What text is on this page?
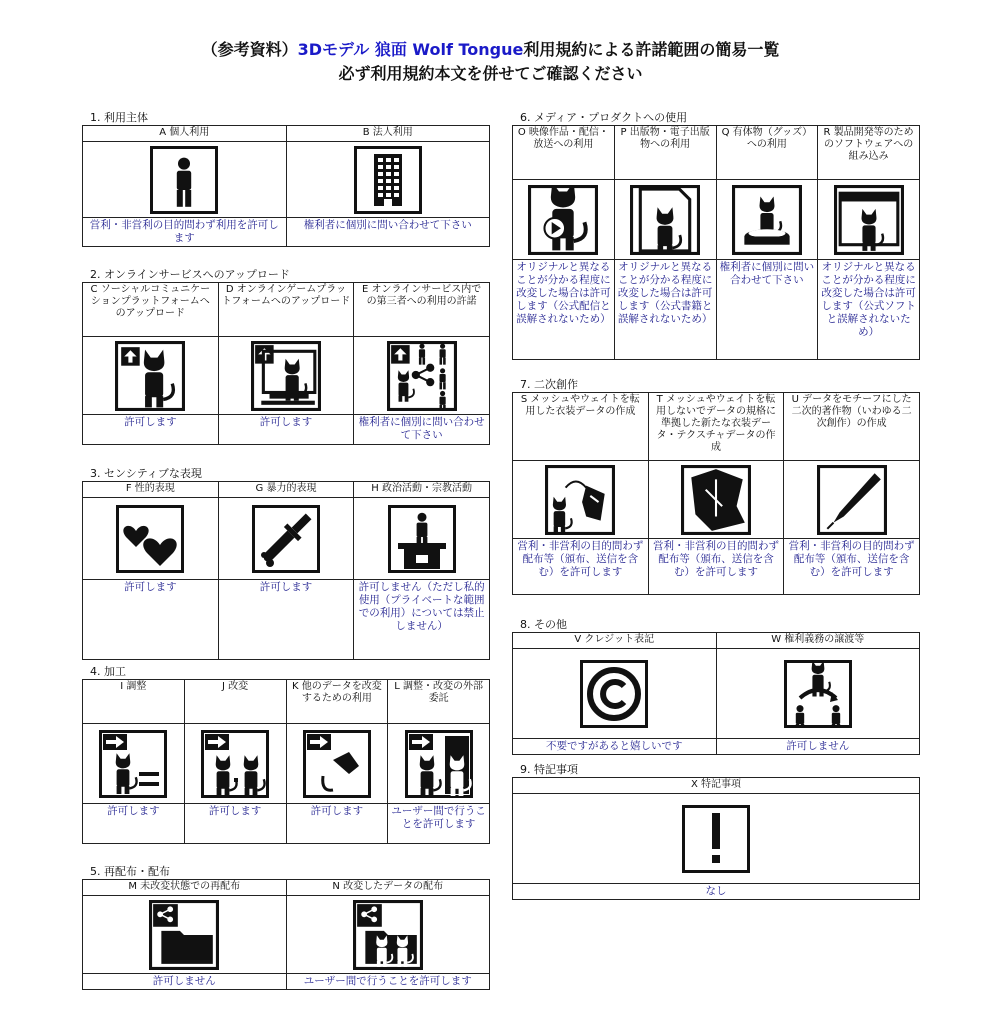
（参考資料）3Dモデル 狼面 Wolf Tongue利用規約による許諾範囲の簡易一覧
必ず利用規約本文を併せてご確認ください
1. 利用主体
A 個人利用	B 法人利用

営利・非営利の目的問わず利用を許可します	権利者に個別に問い合わせて下さい
2. オンラインサービスへのアップロード
C ソーシャルコミュニケーションプラットフォームへのアップロード	D オンラインゲームプラットフォームへのアップロード	E オンラインサービス内での第三者への利用の許諾

許可します	許可します	権利者に個別に問い合わせて下さい
3. センシティブな表現
F 性的表現	G 暴力的表現	H 政治活動・宗教活動

許可します	許可します	許可しません（ただし私的使用（プライベートな範囲での利用）については禁止しません）
4. 加工
I 調整	J 改変	K 他のデータを改変するための利用	L 調整・改変の外部委託

許可します	許可します	許可します	ユーザー間で行うことを許可します
5. 再配布・配布
M 未改変状態での再配布	N 改変したデータの配布

許可しません	ユーザー間で行うことを許可します
6. メディア・プロダクトへの使用
O 映像作品・配信・放送への利用	P 出版物・電子出版物への利用	Q 有体物（グッズ）への利用	R 製品開発等のためのソフトウェアへの組み込み

オリジナルと異なることが分かる程度に改変した場合は許可します（公式配信と誤解されないため）	オリジナルと異なることが分かる程度に改変した場合は許可します（公式書籍と誤解されないため）	権利者に個別に問い合わせて下さい	オリジナルと異なることが分かる程度に改変した場合は許可します（公式ソフトと誤解されないため）
7. 二次創作
S メッシュやウェイトを転用した衣装データの作成	T メッシュやウェイトを転用しないでデータの規格に準拠した新たな衣装データ・テクスチャデータの作成	U データをモチーフにした二次的著作物（いわゆる二次創作）の作成

営利・非営利の目的問わず配布等（頒布、送信を含む）を許可します	営利・非営利の目的問わず配布等（頒布、送信を含む）を許可します	営利・非営利の目的問わず配布等（頒布、送信を含む）を許可します
8. その他
V クレジット表記	W 権利義務の譲渡等

不要ですがあると嬉しいです	許可しません
9. 特記事項
X 特記事項

なし
